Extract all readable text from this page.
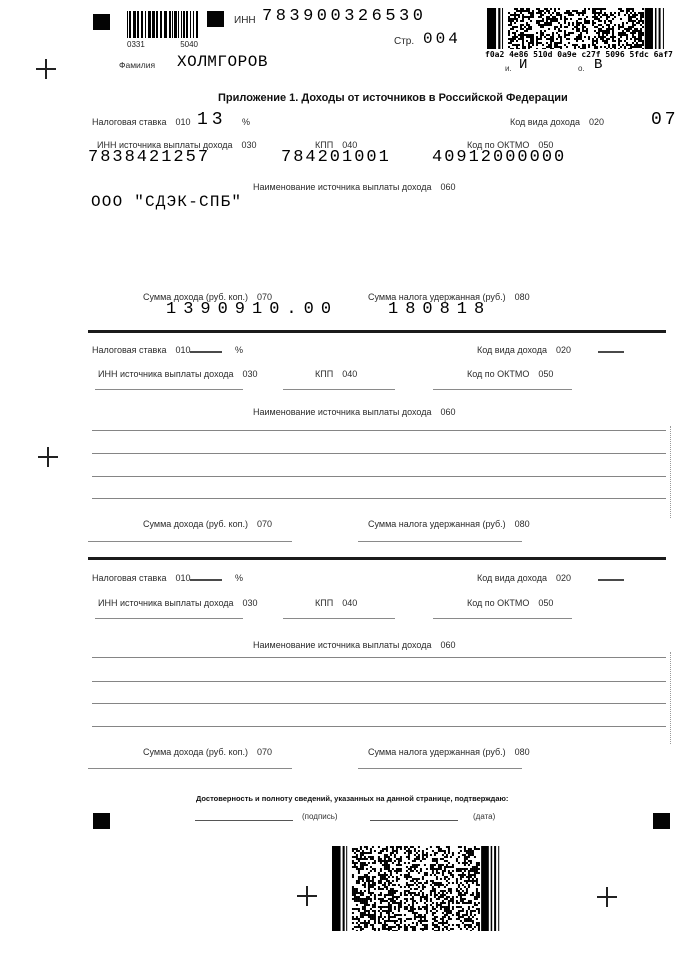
0331	5040
ИНН 783900326530
Стр. 004
f0a2 4e86 510d 0a9e c27f 5096 5fdc 6af7
и. И	о. В
Фамилия ХОЛМГОРОВ
Приложение 1. Доходы от источников в Российской Федерации
Налоговая ставка 010 13 %	Код вида дохода 020	07
ИНН источника выплаты дохода 030	КПП 040	Код по ОКТМО 050
7838421257	784201001 40912000000
Наименование источника выплаты дохода 060
ООО "СДЭК-СПБ"
Сумма дохода (руб. коп.) 070	Сумма налога удержанная (руб.) 080
1390910.00	180818
Налоговая ставка 010	%	Код вида дохода 020
ИНН источника выплаты дохода 030	КПП 040	Код по ОКТМО 050
Наименование источника выплаты дохода 060
Сумма дохода (руб. коп.) 070	Сумма налога удержанная (руб.) 080
Налоговая ставка 010	%	Код вида дохода 020
ИНН источника выплаты дохода 030	КПП 040	Код по ОКТМО 050
Наименование источника выплаты дохода 060
Сумма дохода (руб. коп.) 070	Сумма налога удержанная (руб.) 080
Достоверность и полноту сведений, указанных на данной странице, подтверждаю:
(подпись)	(дата)
